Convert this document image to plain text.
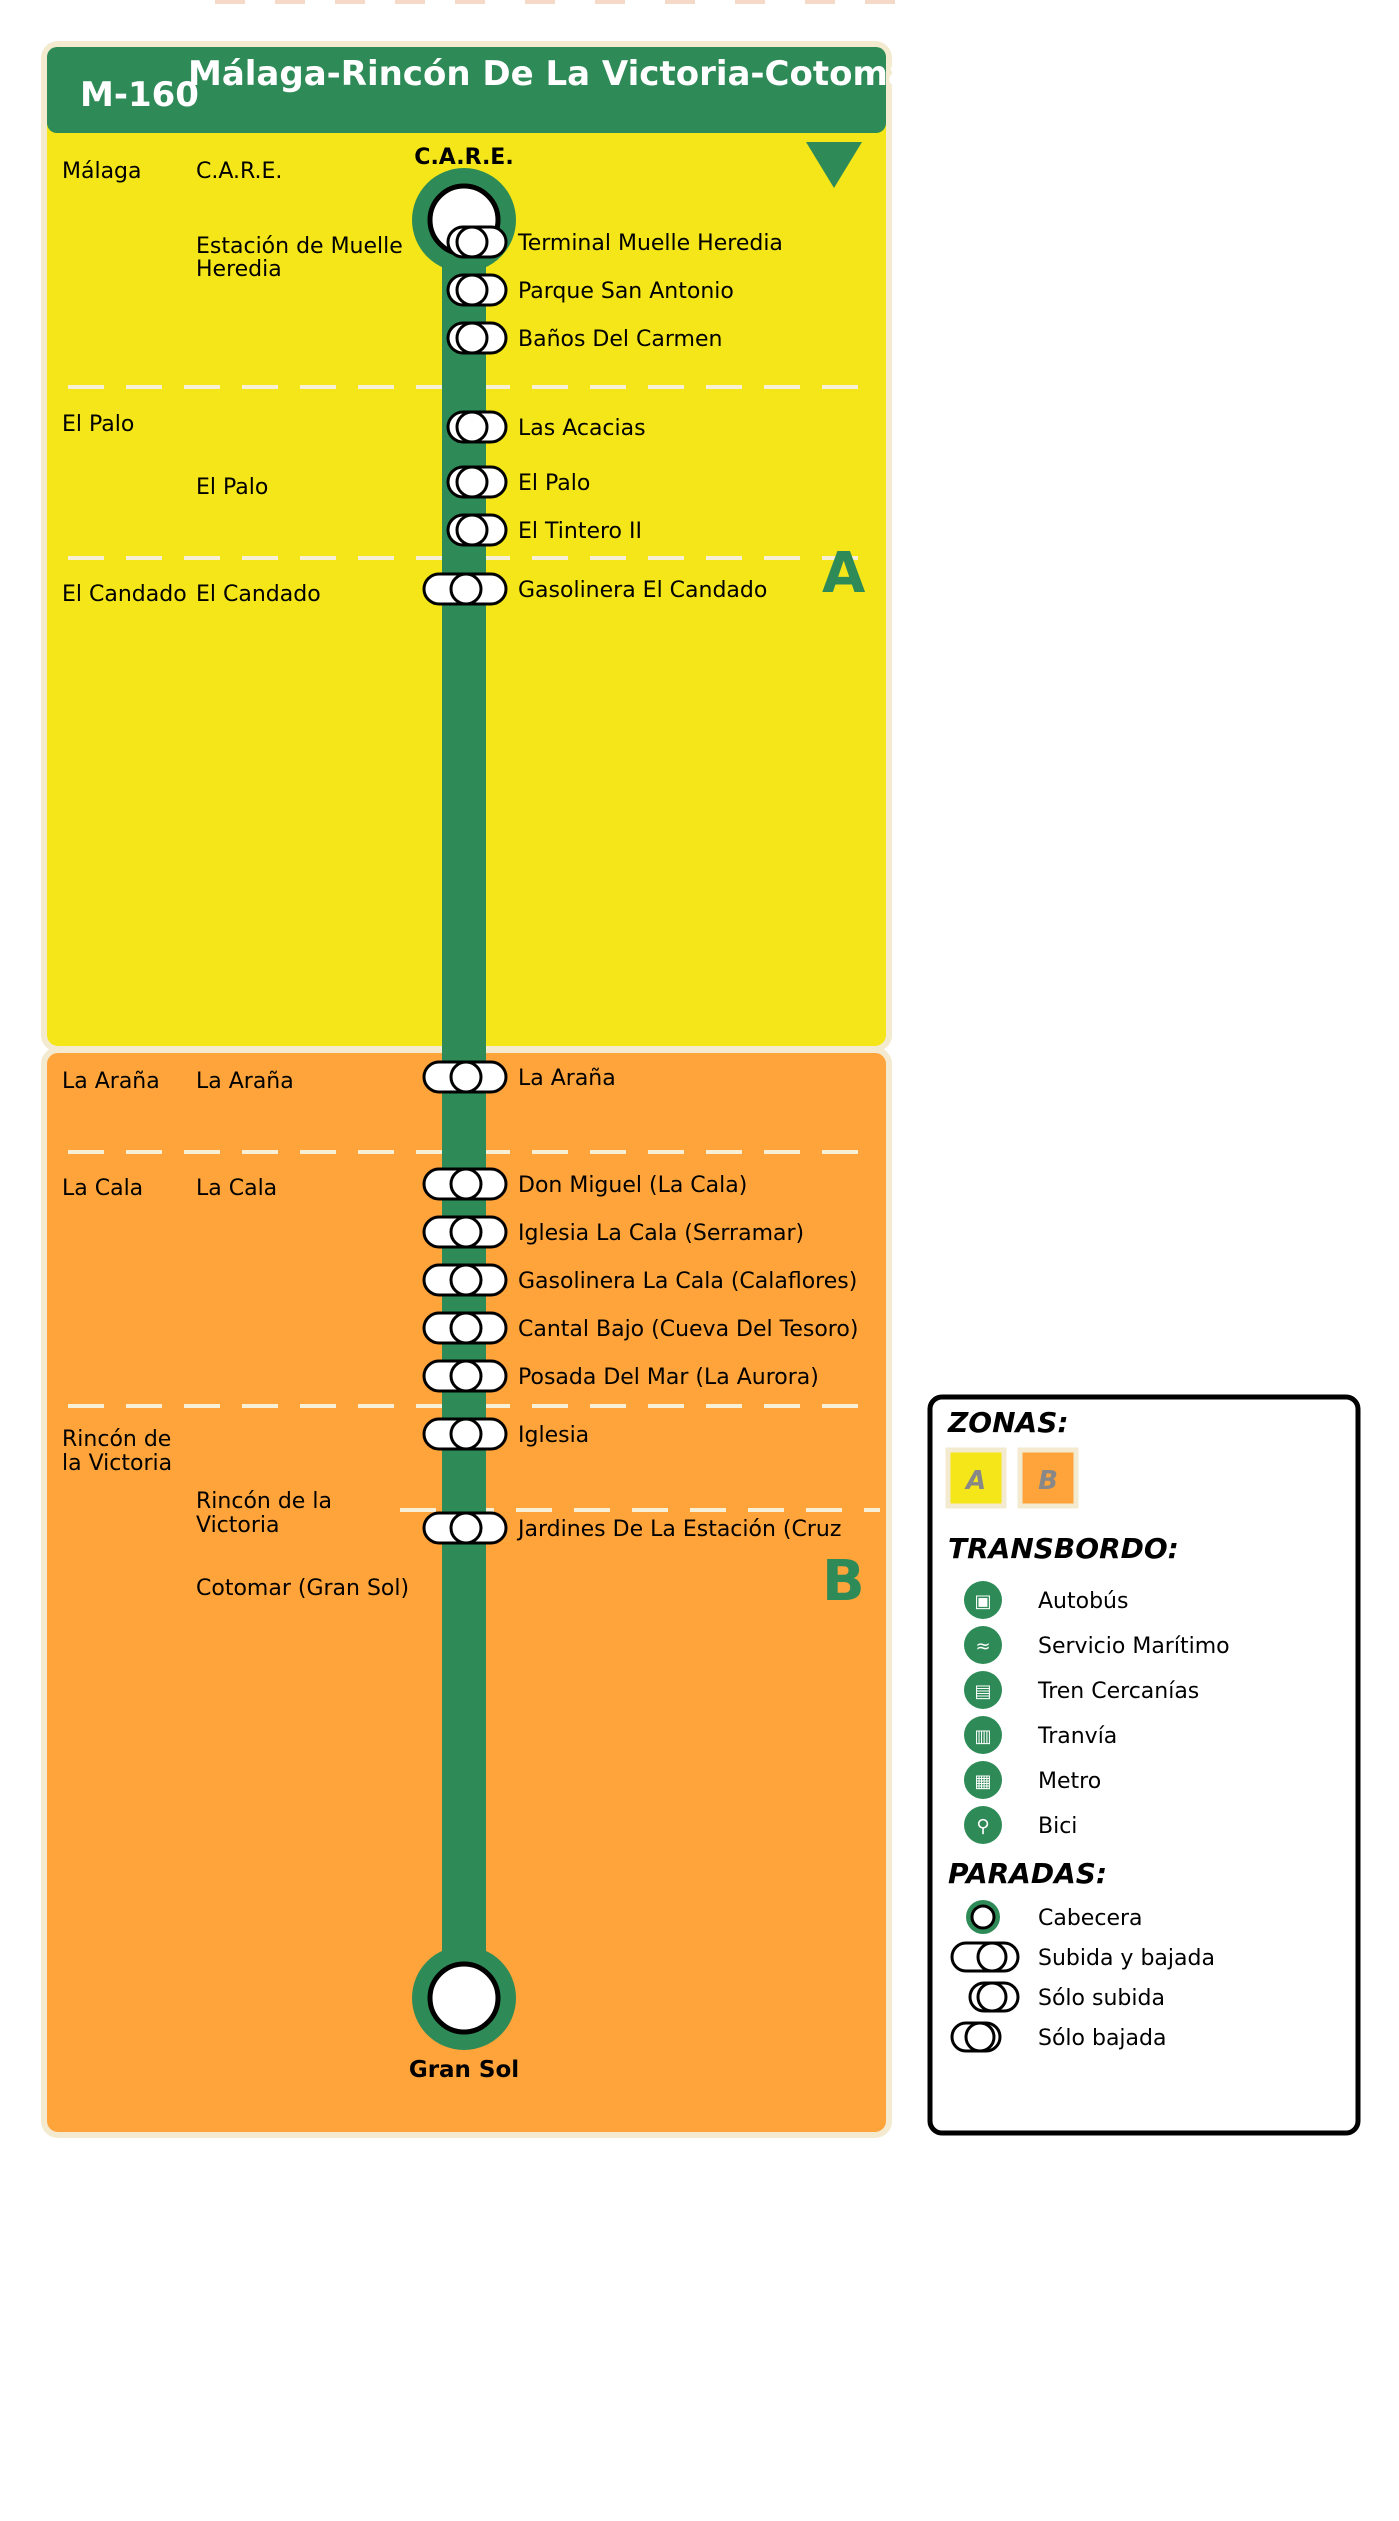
M-160
Málaga-Rincón De La Victoria-Cotomar
A
B
C.A.R.E.
Gran Sol
Málaga
El Palo
El Candado
La Araña
La Cala
Rincón de
la Victoria
C.A.R.E.
Estación de Muelle
Heredia
El Palo
El Candado
La Araña
La Cala
Rincón de la
Victoria
Cotomar (Gran Sol)
Terminal Muelle Heredia
Parque San Antonio
Baños Del Carmen
Las Acacias
El Palo
El Tintero II
Gasolinera El Candado
La Araña
Don Miguel (La Cala)
Iglesia La Cala (Serramar)
Gasolinera La Cala (Calaflores)
Cantal Bajo (Cueva Del Tesoro)
Posada Del Mar (La Aurora)
Iglesia
Jardines De La Estación (Cruz
ZONAS:
A B
TRANSBORDO:
▣ Autobús
≈ Servicio Marítimo
▤ Tren Cercanías
▥ Tranvía
▦ Metro
⚲ Bici
PARADAS:
Cabecera
Subida y bajada
Sólo subida
Sólo bajada
